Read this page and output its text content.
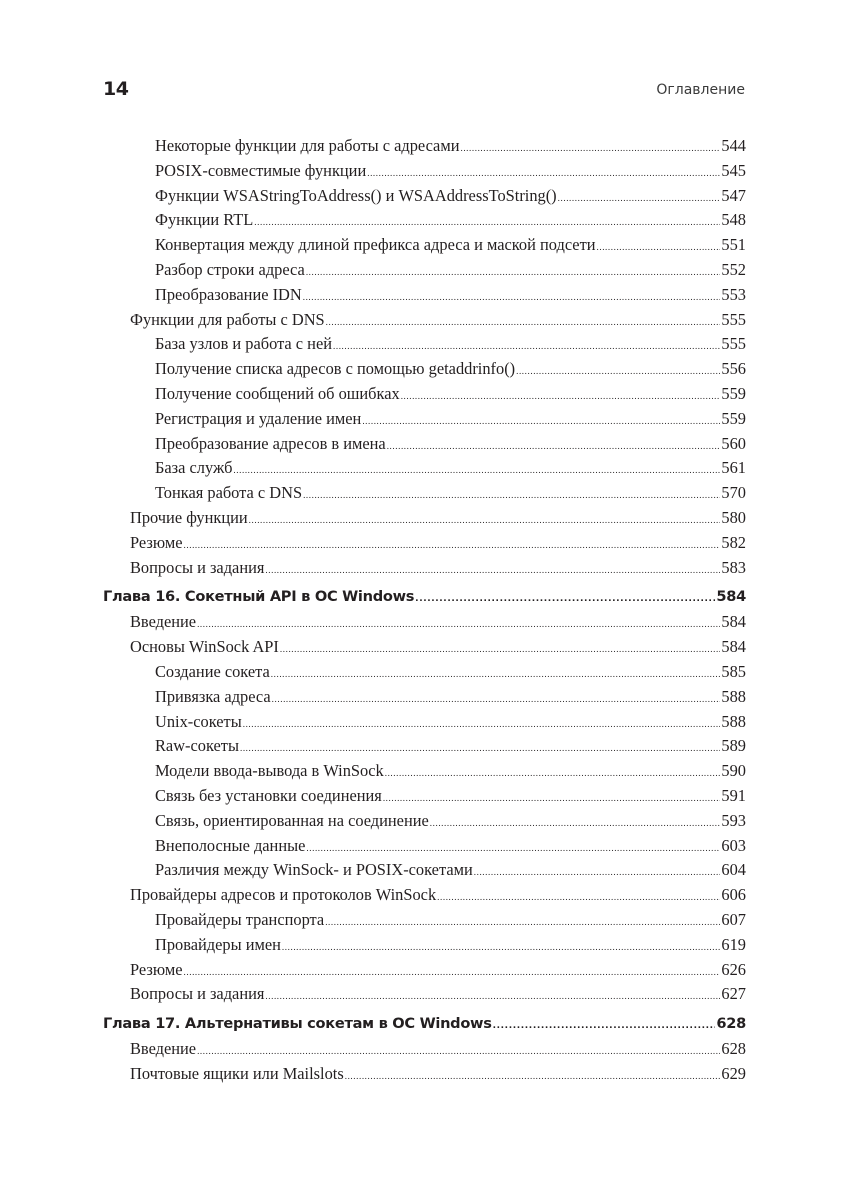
14	Оглавление
Некоторые функции для работы с адресами .....	544
POSIX-совместимые функции .....	545
Функции WSAStringToAddress() и WSAAddressToString() .....	547
Функции RTL .....	548
Конвертация между длиной префикса адреса и маской подсети .....	551
Разбор строки адреса .....	552
Преобразование IDN .....	553
Функции для работы с DNS .....	555
База узлов и работа с ней .....	555
Получение списка адресов с помощью getaddrinfo() .....	556
Получение сообщений об ошибках .....	559
Регистрация и удаление имен .....	559
Преобразование адресов в имена .....	560
База служб .....	561
Тонкая работа с DNS .....	570
Прочие функции .....	580
Резюме .....	582
Вопросы и задания .....	583
Глава 16. Сокетный API в ОС Windows .....	584
Введение .....	584
Основы WinSock API .....	584
Создание сокета .....	585
Привязка адреса .....	588
Unix-сокеты .....	588
Raw-сокеты .....	589
Модели ввода-вывода в WinSock .....	590
Связь без установки соединения .....	591
Связь, ориентированная на соединение .....	593
Внеполосные данные .....	603
Различия между WinSock- и POSIX-сокетами .....	604
Провайдеры адресов и протоколов WinSock .....	606
Провайдеры транспорта .....	607
Провайдеры имен .....	619
Резюме .....	626
Вопросы и задания .....	627
Глава 17. Альтернативы сокетам в ОС Windows .....	628
Введение .....	628
Почтовые ящики или Mailslots .....	629
